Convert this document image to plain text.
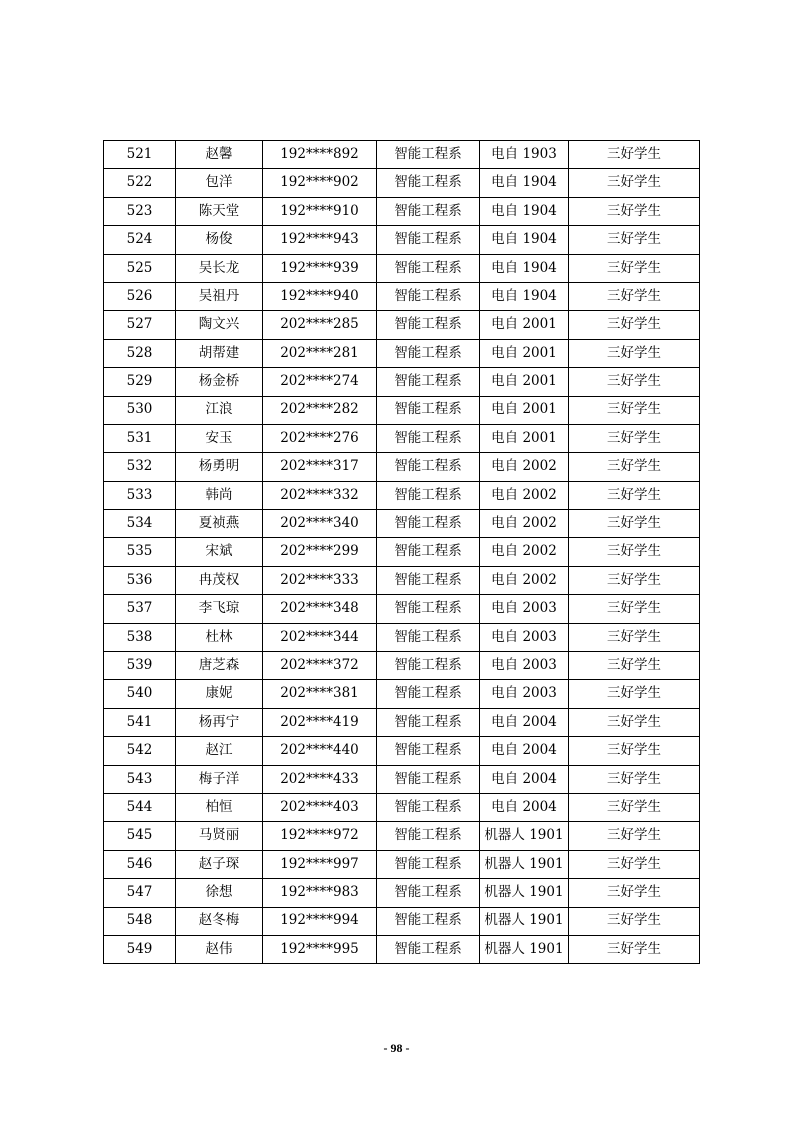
521	赵馨	192****892	智能工程系	电自 1903	三好学生
522	包洋	192****902	智能工程系	电自 1904	三好学生
523	陈天堂	192****910	智能工程系	电自 1904	三好学生
524	杨俊	192****943	智能工程系	电自 1904	三好学生
525	吴长龙	192****939	智能工程系	电自 1904	三好学生
526	吴祖丹	192****940	智能工程系	电自 1904	三好学生
527	陶文兴	202****285	智能工程系	电自 2001	三好学生
528	胡帮建	202****281	智能工程系	电自 2001	三好学生
529	杨金桥	202****274	智能工程系	电自 2001	三好学生
530	江浪	202****282	智能工程系	电自 2001	三好学生
531	安玉	202****276	智能工程系	电自 2001	三好学生
532	杨勇明	202****317	智能工程系	电自 2002	三好学生
533	韩尚	202****332	智能工程系	电自 2002	三好学生
534	夏祯燕	202****340	智能工程系	电自 2002	三好学生
535	宋斌	202****299	智能工程系	电自 2002	三好学生
536	冉茂权	202****333	智能工程系	电自 2002	三好学生
537	李飞琼	202****348	智能工程系	电自 2003	三好学生
538	杜林	202****344	智能工程系	电自 2003	三好学生
539	唐芝森	202****372	智能工程系	电自 2003	三好学生
540	康妮	202****381	智能工程系	电自 2003	三好学生
541	杨再宁	202****419	智能工程系	电自 2004	三好学生
542	赵江	202****440	智能工程系	电自 2004	三好学生
543	梅子洋	202****433	智能工程系	电自 2004	三好学生
544	柏恒	202****403	智能工程系	电自 2004	三好学生
545	马贤丽	192****972	智能工程系	机器人 1901	三好学生
546	赵子琛	192****997	智能工程系	机器人 1901	三好学生
547	徐想	192****983	智能工程系	机器人 1901	三好学生
548	赵冬梅	192****994	智能工程系	机器人 1901	三好学生
549	赵伟	192****995	智能工程系	机器人 1901	三好学生
- 98 -
